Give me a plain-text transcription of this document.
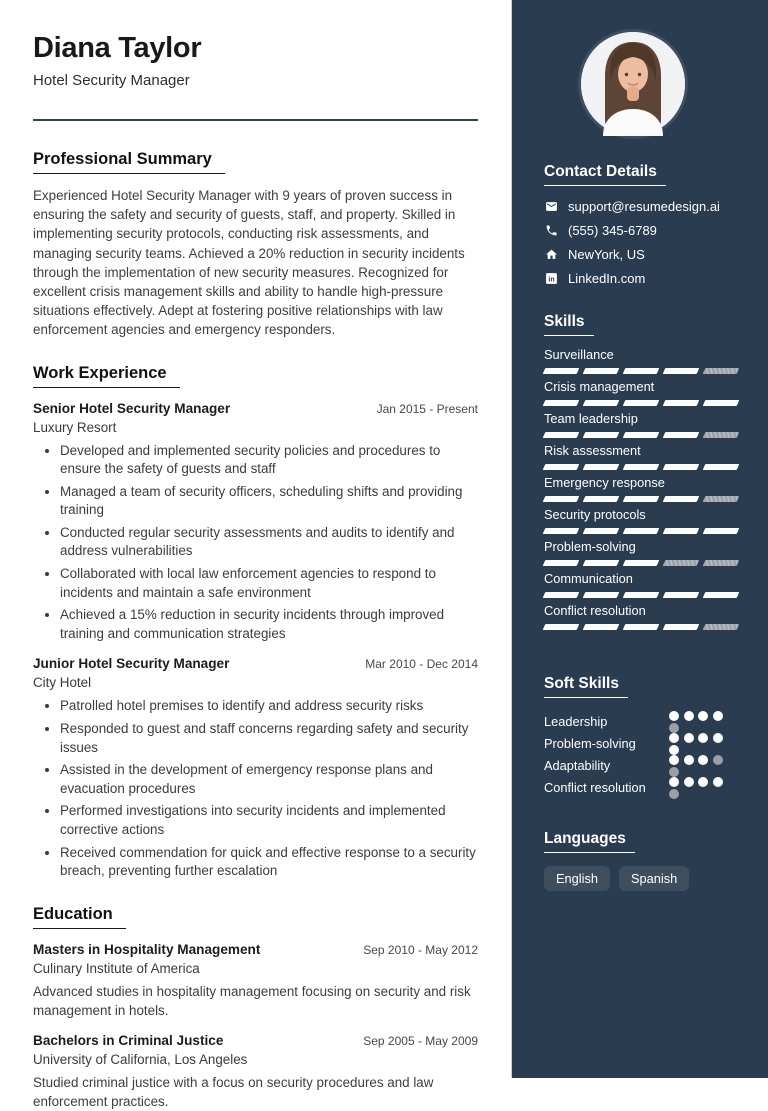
Diana Taylor
Hotel Security Manager
Professional Summary

Experienced Hotel Security Manager with 9 years of proven success in ensuring the safety and security of guests, staff, and property. Skilled in implementing security protocols, conducting risk assessments, and managing security teams. Achieved a 20% reduction in security incidents through the implementation of new security measures. Recognized for excellent crisis management skills and ability to handle high-pressure situations effectively. Adept at fostering positive relationships with law enforcement agencies and emergency responders.

Work Experience
Senior Hotel Security Manager	Jan 2015 - Present
Luxury Resort
• Developed and implemented security policies and procedures to ensure the safety of guests and staff
• Managed a team of security officers, scheduling shifts and providing training
• Conducted regular security assessments and audits to identify and address vulnerabilities
• Collaborated with local law enforcement agencies to respond to incidents and maintain a safe environment
• Achieved a 15% reduction in security incidents through improved training and communication strategies
Junior Hotel Security Manager	Mar 2010 - Dec 2014
City Hotel
• Patrolled hotel premises to identify and address security risks
• Responded to guest and staff concerns regarding safety and security issues
• Assisted in the development of emergency response plans and evacuation procedures
• Performed investigations into security incidents and implemented corrective actions
• Received commendation for quick and effective response to a security breach, preventing further escalation
Education
Masters in Hospitality Management	Sep 2010 - May 2012
Culinary Institute of America

Advanced studies in hospitality management focusing on security and risk management in hotels.

Bachelors in Criminal Justice	Sep 2005 - May 2009
University of California, Los Angeles

Studied criminal justice with a focus on security procedures and law enforcement practices.

Contact Details
support@resumedesign.ai
(555) 345-6789
NewYork, US
in LinkedIn.com
Skills
Surveillance
Crisis management
Team leadership
Risk assessment
Emergency response
Security protocols
Problem-solving
Communication
Conflict resolution
Soft Skills
Leadership
Problem-solving
Adaptability
Conflict resolution
Languages
English	Spanish
